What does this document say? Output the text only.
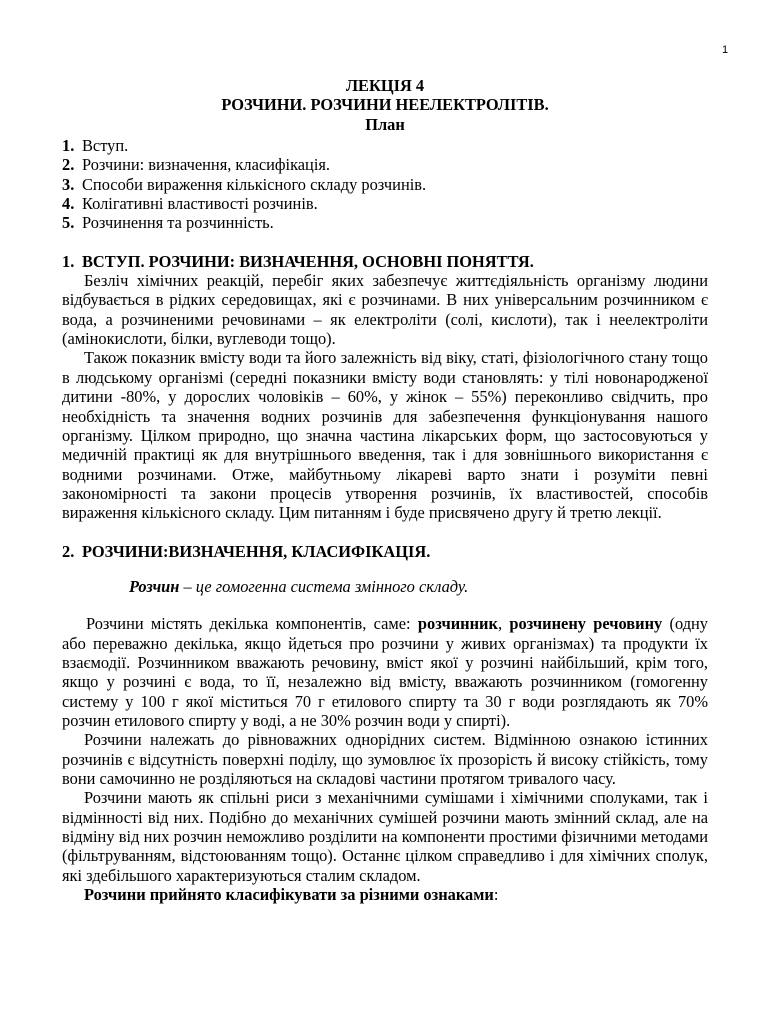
1
ЛЕКЦІЯ 4
РОЗЧИНИ. РОЗЧИНИ НЕЕЛЕКТРОЛІТІВ.
План
1. Вступ.
2. Розчини: визначення, класифікація.
3. Способи вираження кількісного складу розчинів.
4. Колігативні властивості розчинів.
5. Розчинення та розчинність.
1. ВСТУП. РОЗЧИНИ: ВИЗНАЧЕННЯ, ОСНОВНІ ПОНЯТТЯ.

Безліч хімічних реакцій, перебіг яких забезпечує життєдіяльність організму людини відбувається в рідких середовищах, які є розчинами. В них універсальним розчинником є вода, а розчиненими речовинами – як електроліти (солі, кислоти), так і неелектроліти (амінокислоти, білки, вуглеводи тощо).

Також показник вмісту води та його залежність від віку, статі, фізіологічного стану тощо в людському організмі (середні показники вмісту води становлять: у тілі новонародженої дитини -80%, у дорослих чоловіків – 60%, у жінок – 55%) переконливо свідчить, про необхідність та значення водних розчинів для забезпечення функціонування нашого організму. Цілком природно, що значна частина лікарських форм, що застосовуються у медичній практиці як для внутрішнього введення, так і для зовнішнього використання є водними розчинами. Отже, майбутньому лікареві варто знати і розуміти певні закономірності та закони процесів утворення розчинів, їх властивостей, способів вираження кількісного складу. Цим питанням і буде присвячено другу й третю лекції.

2. РОЗЧИНИ:ВИЗНАЧЕННЯ, КЛАСИФІКАЦІЯ.
Розчин – це гомогенна система змінного складу.

Розчини містять декілька компонентів, саме: розчинник, розчинену речовину (одну або переважно декілька, якщо йдеться про розчини у живих організмах) та продукти їх взаємодії. Розчинником вважають речовину, вміст якої у розчині найбільший, крім того, якщо у розчині є вода, то її, незалежно від вмісту, вважають розчинником (гомогенну систему у 100 г якої міститься 70 г етилового спирту та 30 г води розглядають як 70% розчин етилового спирту у воді, а не 30% розчин води у спирті).

Розчини належать до рівноважних однорідних систем. Відмінною ознакою істинних розчинів є відсутність поверхні поділу, що зумовлює їх прозорість й високу стійкість, тому вони самочинно не розділяються на складові частини протягом тривалого часу.

Розчини мають як спільні риси з механічними сумішами і хімічними сполуками, так і відмінності від них. Подібно до механічних сумішей розчини мають змінний склад, але на відміну від них розчин неможливо розділити на компоненти простими фізичними методами (фільтруванням, відстоюванням тощо). Останнє цілком справедливо і для хімічних сполук, які здебільшого характеризуються сталим складом.

Розчини прийнято класифікувати за різними ознаками:
